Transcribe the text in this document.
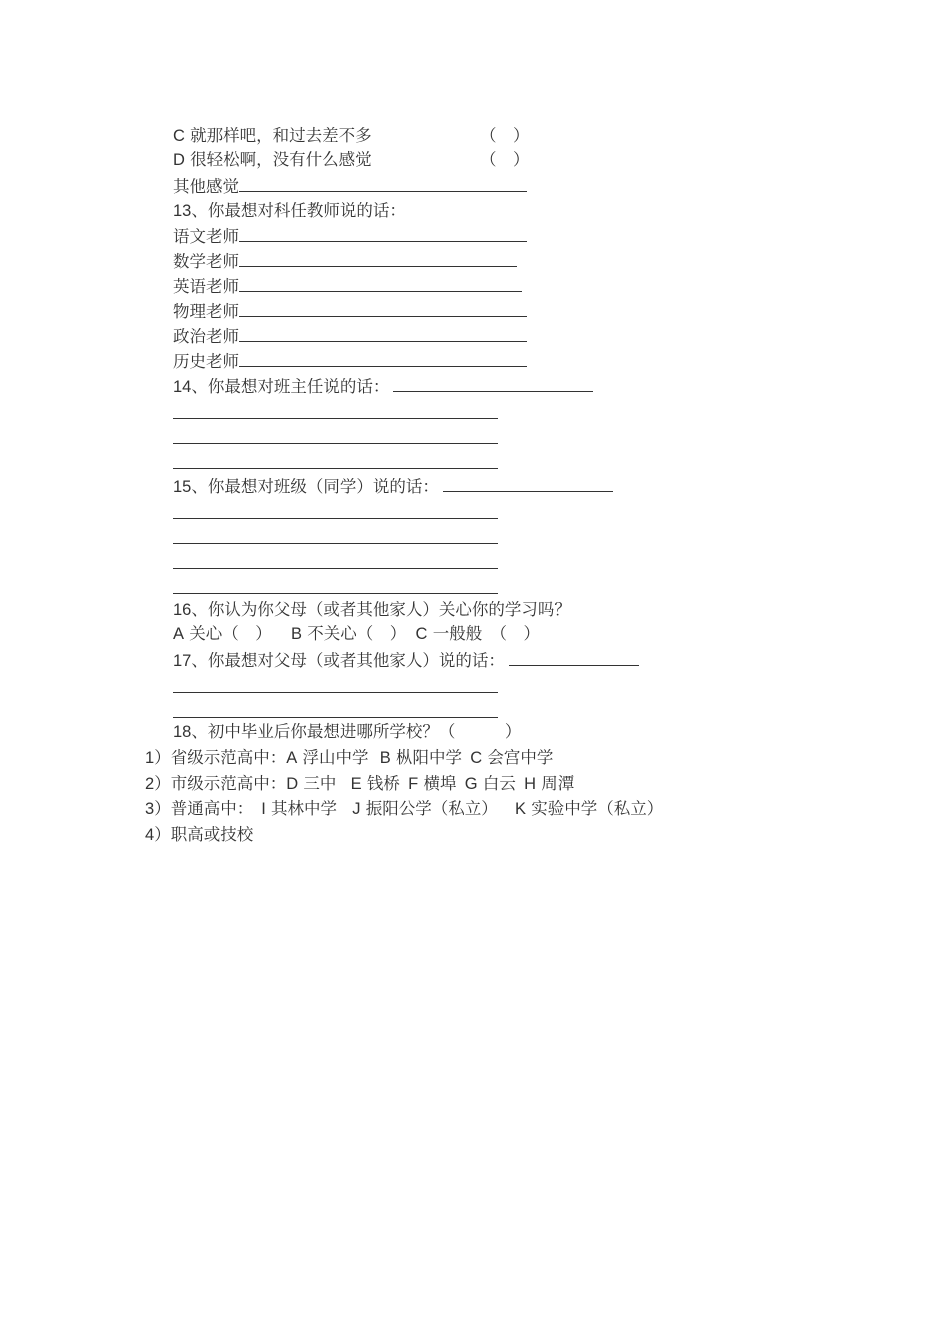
C 就那样吧，和过去差不多	（　）
D 很轻松啊，没有什么感觉	（　）
其他感觉
13、你最想对科任教师说的话：
语文老师
数学老师
英语老师
物理老师
政治老师
历史老师
14、你最想对班主任说的话：
15、你最想对班级（同学）说的话：
16、你认为你父母（或者其他家人）关心你的学习吗？
A 关心（　） B 不关心（　） C 一般般　（　）
17、你最想对父母（或者其他家人）说的话：
18、初中毕业后你最想进哪所学校？（　　　）
1）省级示范高中：A 浮山中学 B 枞阳中学 C 会宫中学
2）市级示范高中：D 三中 E 钱桥 F 横埠 G 白云 H 周潭
3）普通高中： I 其林中学 J 振阳公学（私立） K 实验中学（私立）
4）职高或技校
